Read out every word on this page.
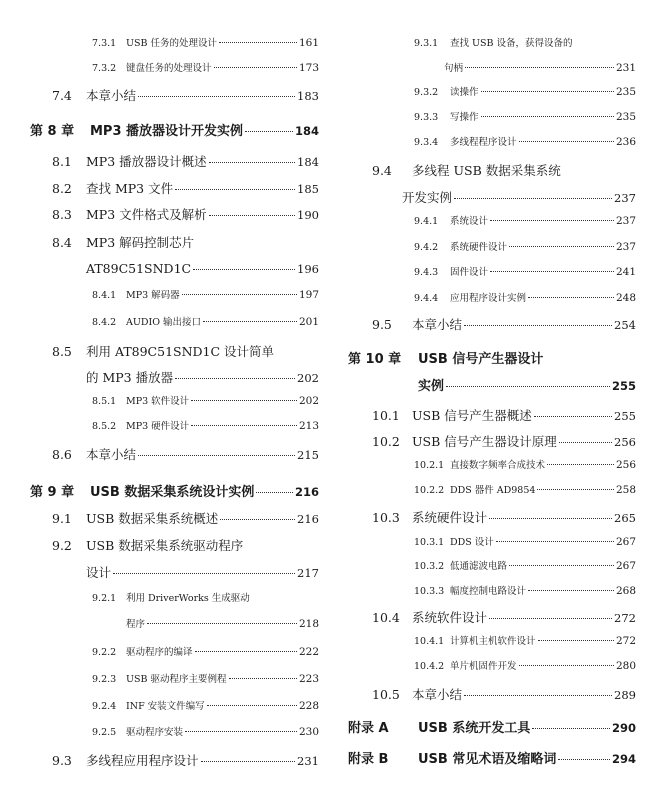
7.3.1	USB 任务的处理设计	161
7.3.2	键盘任务的处理设计	173
7.4	本章小结	183
第 8 章	MP3 播放器设计开发实例	184
8.1	MP3 播放器设计概述	184
8.2	查找 MP3 文件	185
8.3	MP3 文件格式及解析	190
8.4	MP3 解码控制芯片
AT89C51SND1C	196
8.4.1	MP3 解码器	197
8.4.2	AUDIO 输出接口	201
8.5	利用 AT89C51SND1C 设计简单
的 MP3 播放器	202
8.5.1	MP3 软件设计	202
8.5.2	MP3 硬件设计	213
8.6	本章小结	215
第 9 章	USB 数据采集系统设计实例	216
9.1	USB 数据采集系统概述	216
9.2	USB 数据采集系统驱动程序
设计	217
9.2.1	利用 DriverWorks 生成驱动
程序	218
9.2.2	驱动程序的编译	222
9.2.3	USB 驱动程序主要例程	223
9.2.4	INF 安装文件编写	228
9.2.5	驱动程序安装	230
9.3	多线程应用程序设计	231
9.3.1	查找 USB 设备，获得设备的
句柄	231
9.3.2	读操作	235
9.3.3	写操作	235
9.3.4	多线程程序设计	236
9.4	多线程 USB 数据采集系统
开发实例	237
9.4.1	系统设计	237
9.4.2	系统硬件设计	237
9.4.3	固件设计	241
9.4.4	应用程序设计实例	248
9.5	本章小结	254
第 10 章	USB 信号产生器设计
实例	255
10.1 USB 信号产生器概述	255
10.2 USB 信号产生器设计原理	256
10.2.1 直接数字频率合成技术	256
10.2.2 DDS 器件 AD9854	258
10.3 系统硬件设计	265
10.3.1 DDS 设计	267
10.3.2 低通滤波电路	267
10.3.3 幅度控制电路设计	268
10.4 系统软件设计	272
10.4.1 计算机主机软件设计	272
10.4.2 单片机固件开发	280
10.5 本章小结	289
附录 A	USB 系统开发工具	290
附录 B	USB 常见术语及缩略词	294
